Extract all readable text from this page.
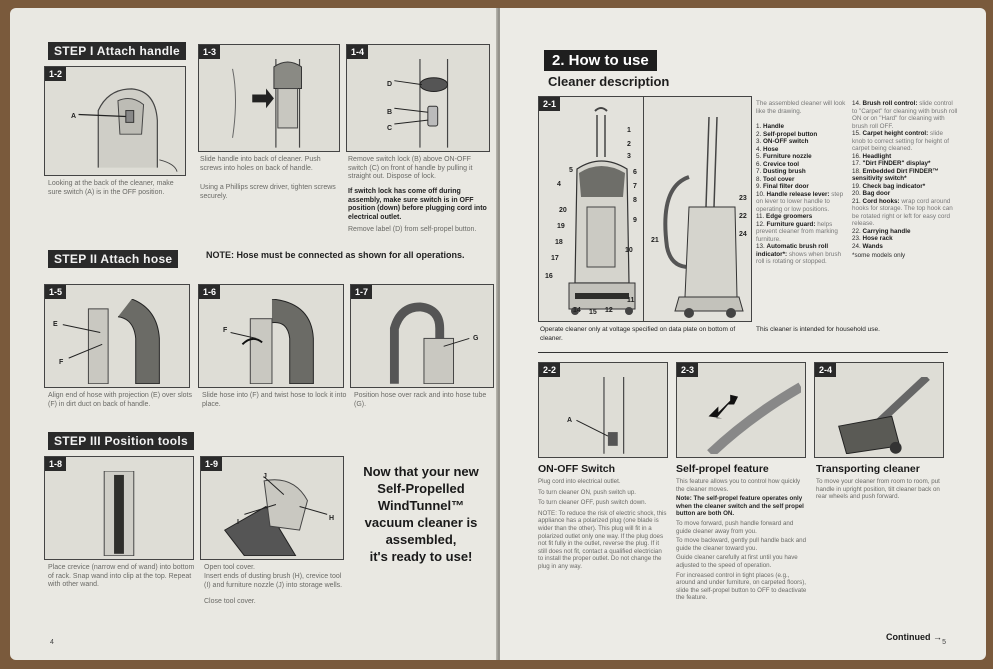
STEP I Attach handle
1-2
A
Looking at the back of the cleaner, make sure switch (A) is in the OFF position.
1-3
Slide handle into back of cleaner. Push screws into holes on back of handle.
Using a Phillips screw driver, tighten screws securely.
1-4
D
B
C
Remove switch lock (B) above ON-OFF switch (C) on front of handle by pulling it straight out. Dispose of lock.
If switch lock has come off during assembly, make sure switch is in OFF position (down) before plugging cord into electrical outlet.
Remove label (D) from self-propel button.
STEP II Attach hose	NOTE: Hose must be connected as shown for all operations.
1-5
E
F
Align end of hose with projection (E) over slots (F) in dirt duct on back of handle.
1-6
F
Slide hose into (F) and twist hose to lock it into place.
1-7
G
Position hose over rack and into hose tube (G).
STEP III Position tools
1-8
Place crevice (narrow end of wand) into bottom of rack. Snap wand into clip at the top. Repeat with other wand.
1-9
J
I
H
Open tool cover.
Insert ends of dusting brush (H), crevice tool (I) and furniture nozzle (J) into storage wells.
Close tool cover.
Now that your new
Self-Propelled
WindTunnel™
vacuum cleaner is
assembled,
it's ready to use!
4
2. How to use
Cleaner description
2-1
1
2
3
4
5	6
7
8
9
10
11
12
14 15
16
17
18
19
20
21
22
23
24
The assembled cleaner will look like the drawing.
1. Handle
2. Self-propel button
3. ON-OFF switch
4. Hose
5. Furniture nozzle
6. Crevice tool
7. Dusting brush
8. Tool cover
9. Final filter door
10. Handle release lever: step on lever to lower handle to operating or low positions.
11. Edge groomers
12. Furniture guard: helps prevent cleaner from marking furniture.
13. Automatic brush roll indicator*: shows when brush roll is rotating or stopped.
14. Brush roll control: slide control to "Carpet" for cleaning with brush roll ON or on "Hard" for cleaning with brush roll OFF.
15. Carpet height control: slide knob to correct setting for height of carpet being cleaned.
16. Headlight
17. "Dirt FINDER" display*
18. Embedded Dirt FINDER™ sensitivity switch*
19. Check bag indicator*
20. Bag door
21. Cord hooks: wrap cord around hooks for storage. The top hook can be rotated right or left for easy cord release.
22. Carrying handle
23. Hose rack
24. Wands
*some models only
Operate cleaner only at voltage specified on data plate on bottom of cleaner.
This cleaner is intended for household use.
2-2
A
2-3	2-4
ON-OFF Switch
Plug cord into electrical outlet.
To turn cleaner ON, push switch up.
To turn cleaner OFF, push switch down.
NOTE: To reduce the risk of electric shock, this appliance has a polarized plug (one blade is wider than the other). This plug will fit in a polarized outlet only one way. If the plug does not fit fully in the outlet, reverse the plug. If it still does not fit, contact a qualified electrician to install the proper outlet. Do not change the plug in any way.
Self-propel feature
This feature allows you to control how quickly the cleaner moves.
Note: The self-propel feature operates only when the cleaner switch and the self propel button are both ON.
To move forward, push handle forward and guide cleaner away from you.
To move backward, gently pull handle back and guide the cleaner toward you.
Guide cleaner carefully at first until you have adjusted to the speed of operation.
For increased control in tight places (e.g., around and under furniture, on carpeted floors), slide the self-propel button to OFF to deactivate the feature.
Transporting cleaner
To move your cleaner from room to room, put handle in upright position, tilt cleaner back on rear wheels and push forward.
Continued →
5
